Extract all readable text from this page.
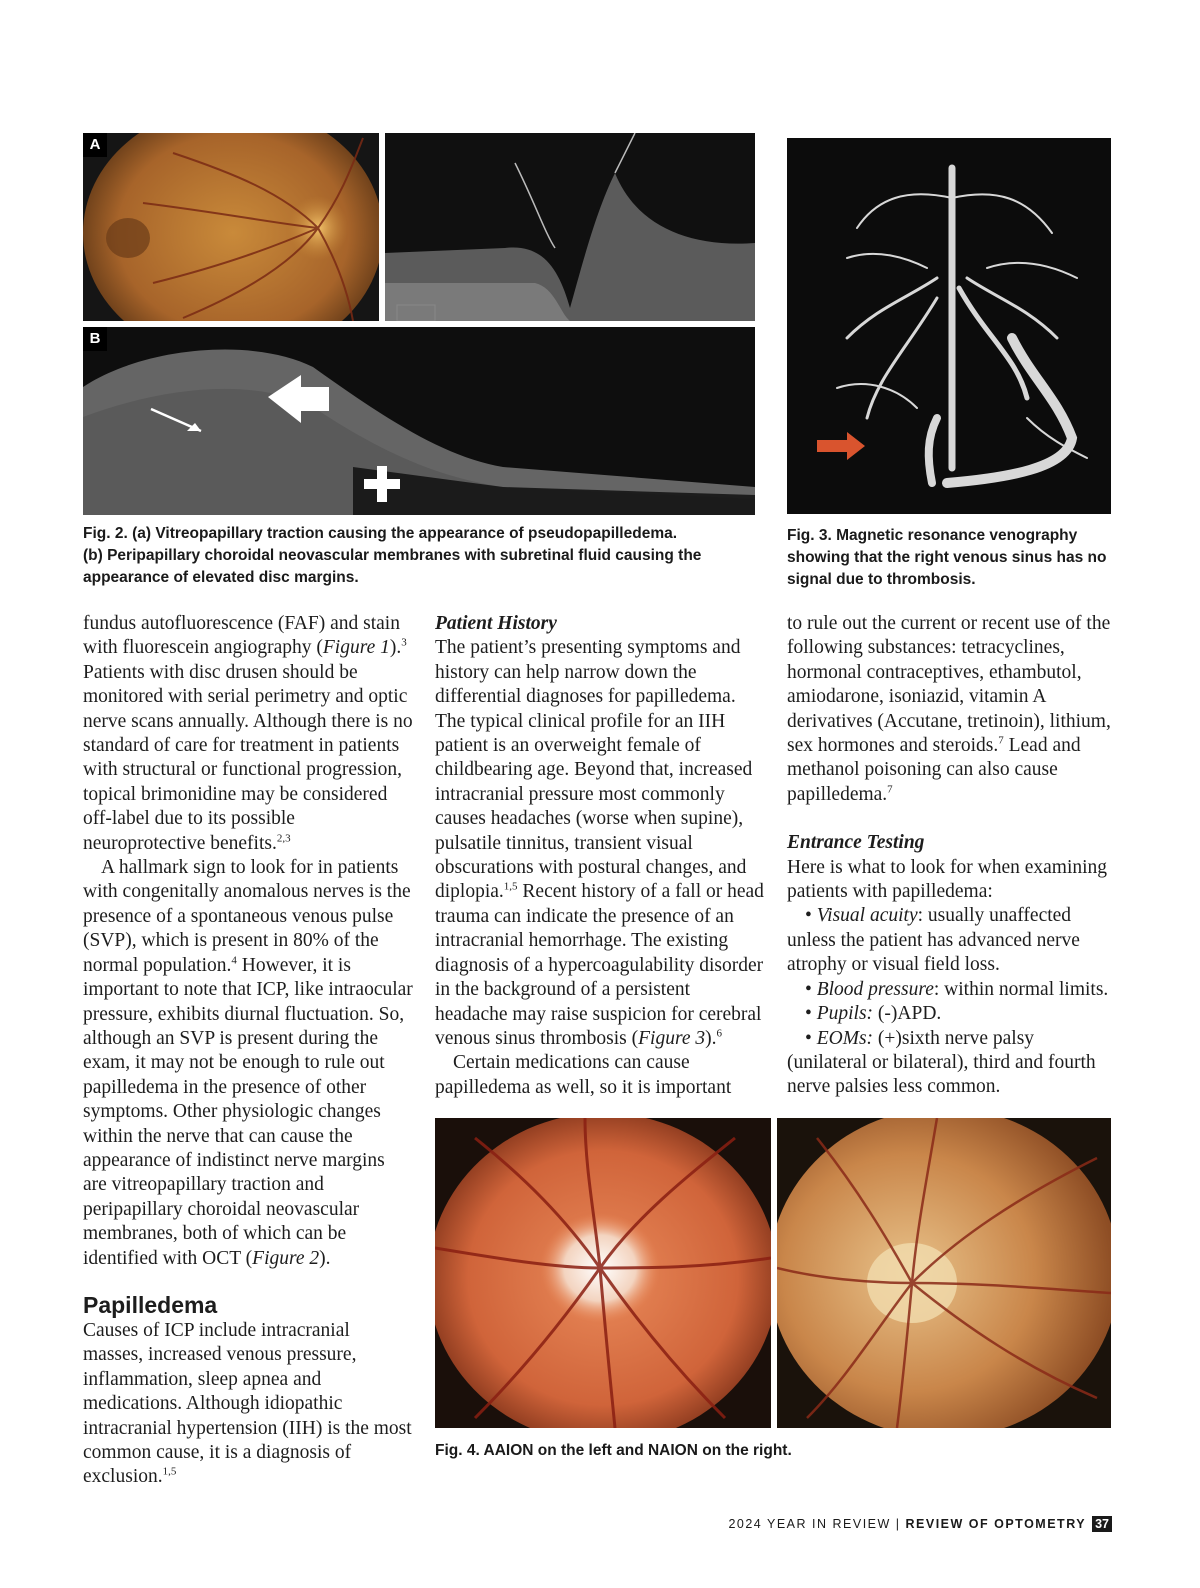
A
B
Fig. 2. (a) Vitreopapillary traction causing the appearance of pseudopapilledema.
(b) Peripapillary choroidal neovascular membranes with subretinal fluid causing the
appearance of elevated disc margins.
Fig. 3. Magnetic resonance venography
showing that the right venous sinus has no
signal due to thrombosis.

fundus autofluorescence (FAF) and stain with fluorescein angiography (Figure 1).$^3$ Patients with disc drusen should be monitored with serial perimetry and optic nerve scans annually. Although there is no standard of care for treatment in patients with structural or functional progression, topical brimonidine may be considered off-label due to its possible neuroprotective benefits.$^{2,3}$

A hallmark sign to look for in patients with congenitally anomalous nerves is the presence of a spontaneous venous pulse (SVP), which is present in 80% of the normal population.$^4$ However, it is important to note that ICP, like intraocular pressure, exhibits diurnal fluctuation. So, although an SVP is present during the exam, it may not be enough to rule out papilledema in the presence of other symptoms. Other physiologic changes within the nerve that can cause the appearance of indistinct nerve margins are vitreopapillary traction and peripapillary choroidal neovascular membranes, both of which can be identified with OCT (Figure 2).

Papilledema

Causes of ICP include intracranial masses, increased venous pressure, inflammation, sleep apnea and medications. Although idiopathic intracranial hypertension (IIH) is the most common cause, it is a diagnosis of exclusion.$^{1,5}$

Patient History

The patient’s presenting symptoms and history can help narrow down the differential diagnoses for papilledema. The typical clinical profile for an IIH patient is an overweight female of childbearing age. Beyond that, increased intracranial pressure most commonly causes headaches (worse when supine), pulsatile tinnitus, transient visual obscurations with postural changes, and diplopia.$^{1,5}$ Recent history of a fall or head trauma can indicate the presence of an intracranial hemorrhage. The existing diagnosis of a hypercoagulability disorder in the background of a persistent headache may raise suspicion for cerebral venous sinus thrombosis (Figure 3).$^6$

Certain medications can cause papilledema as well, so it is important

to rule out the current or recent use of the following substances: tetracyclines, hormonal contraceptives, ethambutol, amiodarone, isoniazid, vitamin A derivatives (Accutane, tretinoin), lithium, sex hormones and steroids.$^7$ Lead and methanol poisoning can also cause papilledema.$^7$

Entrance Testing

Here is what to look for when examining patients with papilledema:

• Visual acuity: usually unaffected unless the patient has advanced nerve atrophy or visual field loss.

• Blood pressure: within normal limits.

• Pupils: (-)APD.

• EOMs: (+)sixth nerve palsy (unilateral or bilateral), third and fourth nerve palsies less common.

Fig. 4. AAION on the left and NAION on the right.
2024 YEAR IN REVIEW | REVIEW OF OPTOMETRY 37
